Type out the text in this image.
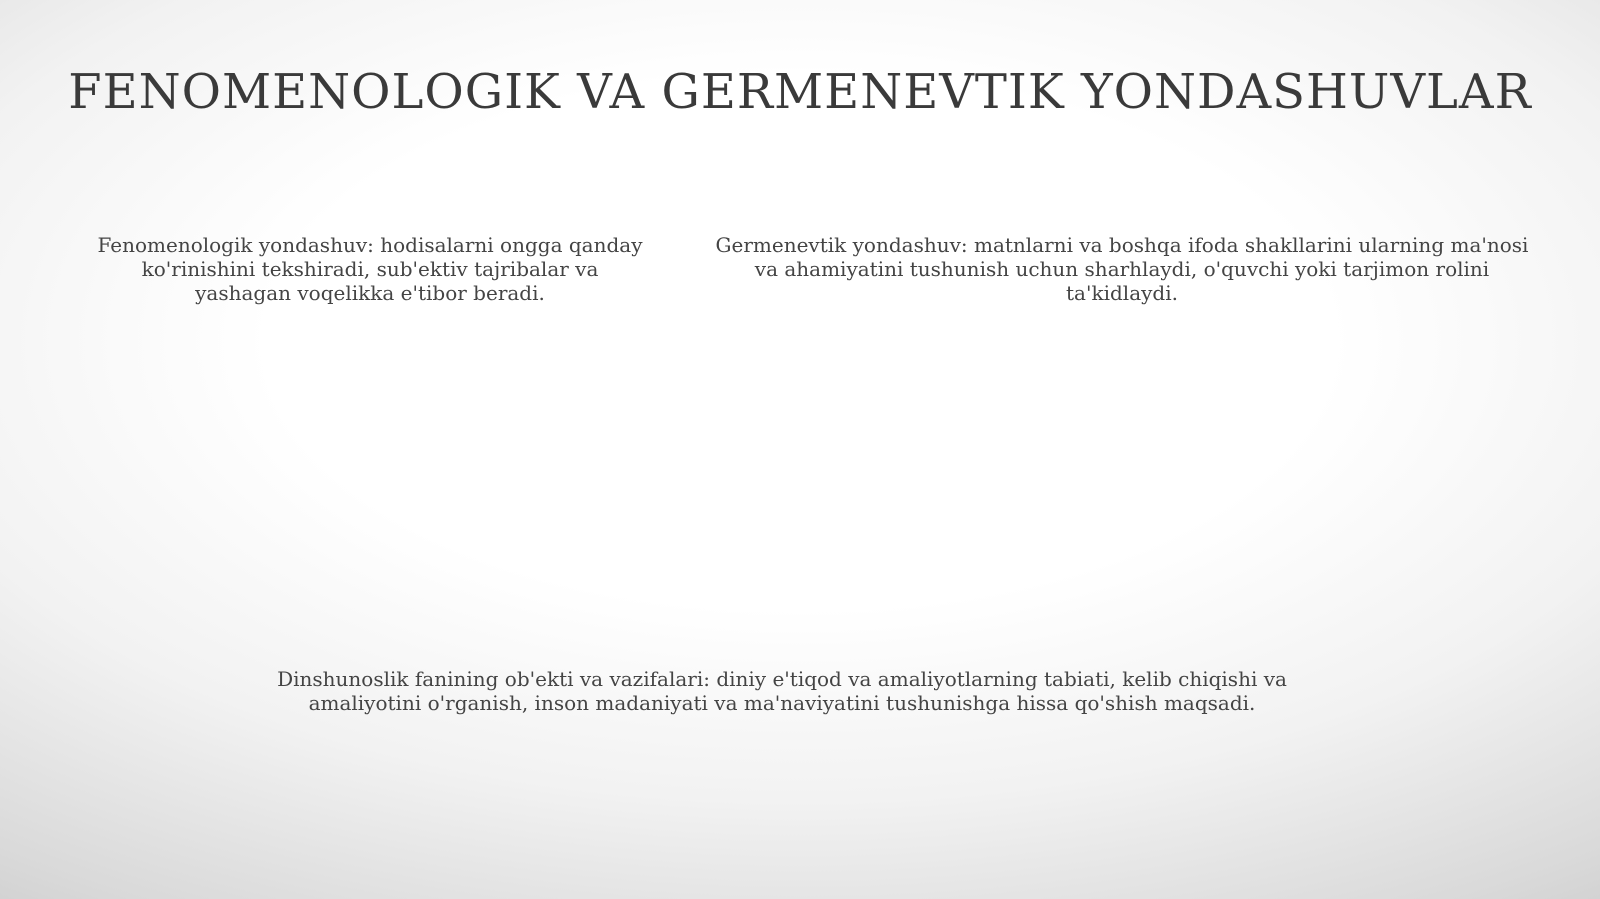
FENOMENOLOGIK VA GERMENEVTIK YONDASHUVLAR

Fenomenologik yondashuv: hodisalarni ongga qanday ko'rinishini tekshiradi, sub'ektiv tajribalar va yashagan voqelikka e'tibor beradi.

Germenevtik yondashuv: matnlarni va boshqa ifoda shakllarini ularning ma'nosi va ahamiyatini tushunish uchun sharhlaydi, o'quvchi yoki tarjimon rolini ta'kidlaydi.

Dinshunoslik fanining ob'ekti va vazifalari: diniy e'tiqod va amaliyotlarning tabiati, kelib chiqishi va amaliyotini o'rganish, inson madaniyati va ma'naviyatini tushunishga hissa qo'shish maqsadi.
